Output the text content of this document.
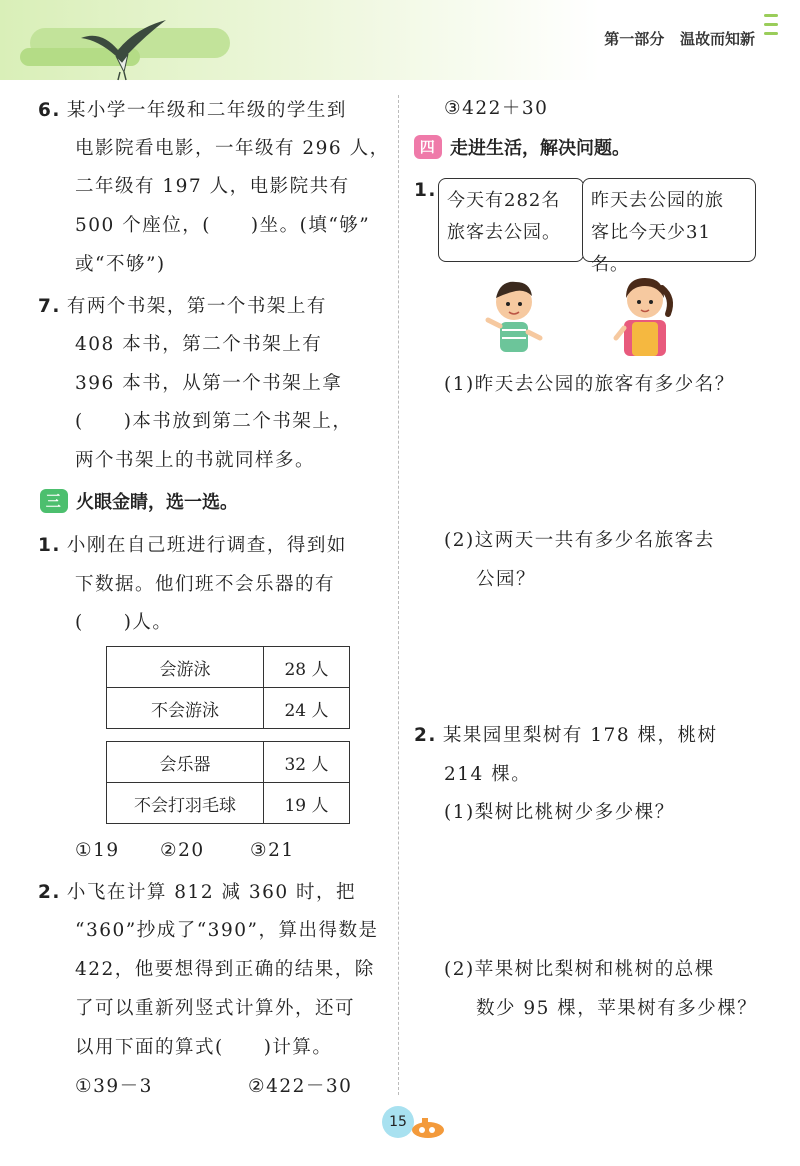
第一部分 温故而知新
6. 某小学一年级和二年级的学生到
电影院看电影，一年级有 296 人，
二年级有 197 人，电影院共有
500 个座位，(　　)坐。(填“够”
或“不够”)
7. 有两个书架，第一个书架上有
408 本书，第二个书架上有
396 本书，从第一个书架上拿
(　　)本书放到第二个书架上，
两个书架上的书就同样多。
三 火眼金睛，选一选。
1. 小刚在自己班进行调查，得到如
下数据。他们班不会乐器的有
(　　)人。
会游泳	28 人
不会游泳	24 人
会乐器	32 人
不会打羽毛球	19 人
①19 ②20 ③21
2. 小飞在计算 812 减 360 时，把
“360”抄成了“390”，算出得数是
422，他要想得到正确的结果，除
了可以重新列竖式计算外，还可
以用下面的算式(　　)计算。
①39－3	②422－30
③422＋30
四 走进生活，解决问题。
1. 今天有282名
旅客去公园。
昨天去公园的旅
客比今天少31名。
(1)昨天去公园的旅客有多少名？
(2)这两天一共有多少名旅客去
公园？
2. 某果园里梨树有 178 棵，桃树
214 棵。
(1)梨树比桃树少多少棵？
(2)苹果树比梨树和桃树的总棵
数少 95 棵，苹果树有多少棵？
15
